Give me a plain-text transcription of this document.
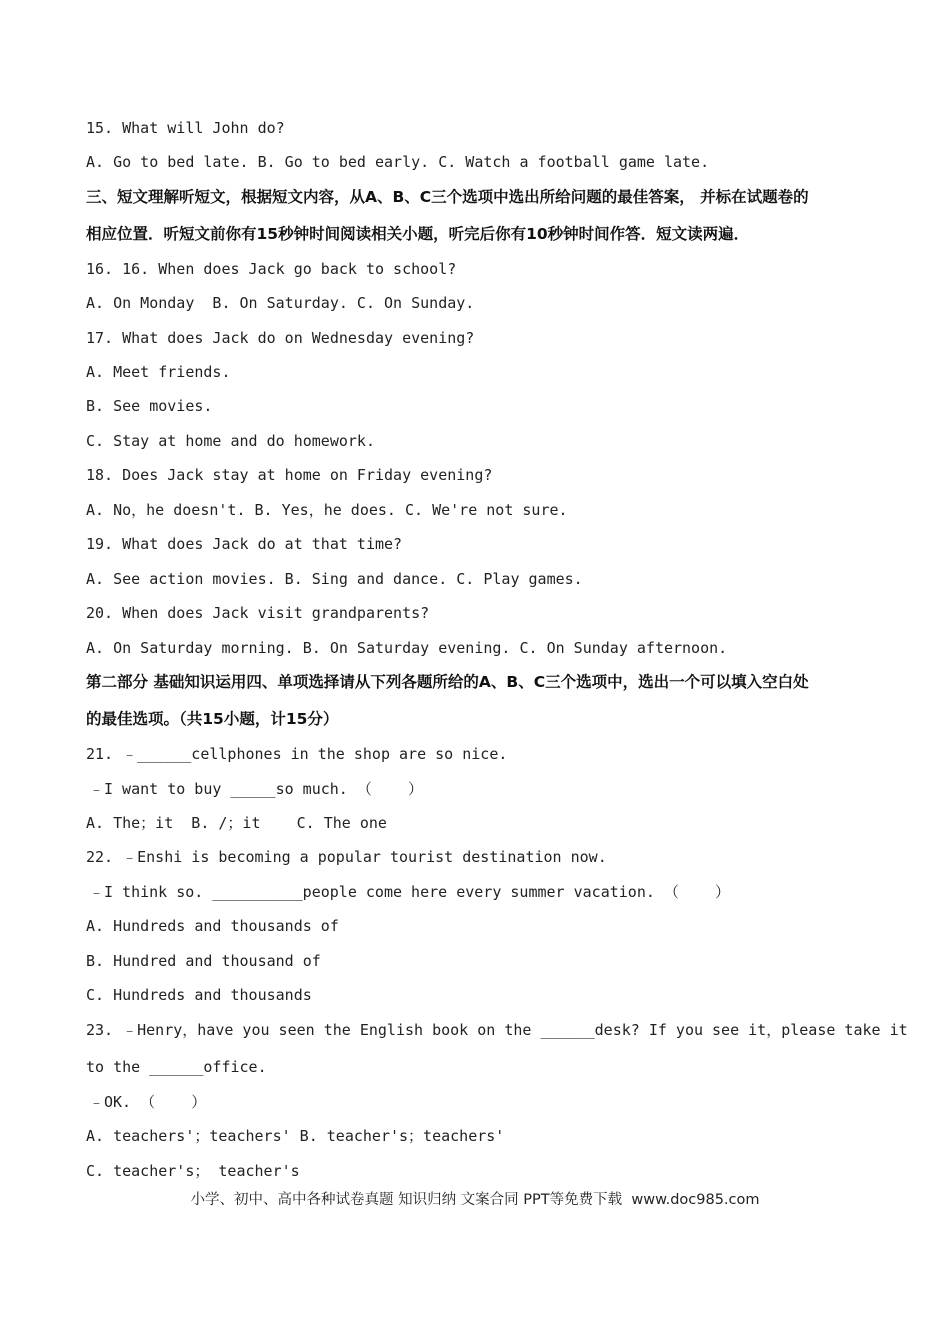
15. What will John do?
A. Go to bed late. B. Go to bed early. C. Watch a football game late.
三、短文理解听短文，根据短文内容，从A、B、C三个选项中选出所给问题的最佳答案， 并标在试题卷的
相应位置．听短文前你有15秒钟时间阅读相关小题，听完后你有10秒钟时间作答．短文读两遍．
16. 16. When does Jack go back to school?
A. On Monday  B. On Saturday. C. On Sunday.
17. What does Jack do on Wednesday evening?
A. Meet friends.
B. See movies.
C. Stay at home and do homework.
18. Does Jack stay at home on Friday evening?
A. No，he doesn't. B. Yes，he does. C. We're not sure.
19. What does Jack do at that time?
A. See action movies. B. Sing and dance. C. Play games.
20. When does Jack visit grandparents?
A. On Saturday morning. B. On Saturday evening. C. On Sunday afternoon.
第二部分 基础知识运用四、单项选择请从下列各题所给的A、B、C三个选项中，选出一个可以填入空白处
的最佳选项。（共15小题，计15分）
21. ﹣______cellphones in the shop are so nice.
﹣I want to buy _____so much. （    ）
A. The；it  B. /；it    C. The one
22. ﹣Enshi is becoming a popular tourist destination now.
﹣I think so. __________people come here every summer vacation. （    ）
A. Hundreds and thousands of
B. Hundred and thousand of
C. Hundreds and thousands
23. ﹣Henry，have you seen the English book on the ______desk? If you see it，please take it
to the ______office.
﹣OK. （    ）
A. teachers'；teachers' B. teacher's；teachers'
C. teacher's； teacher's
小学、初中、高中各种试卷真题 知识归纳 文案合同 PPT等免费下载  www.doc985.com
